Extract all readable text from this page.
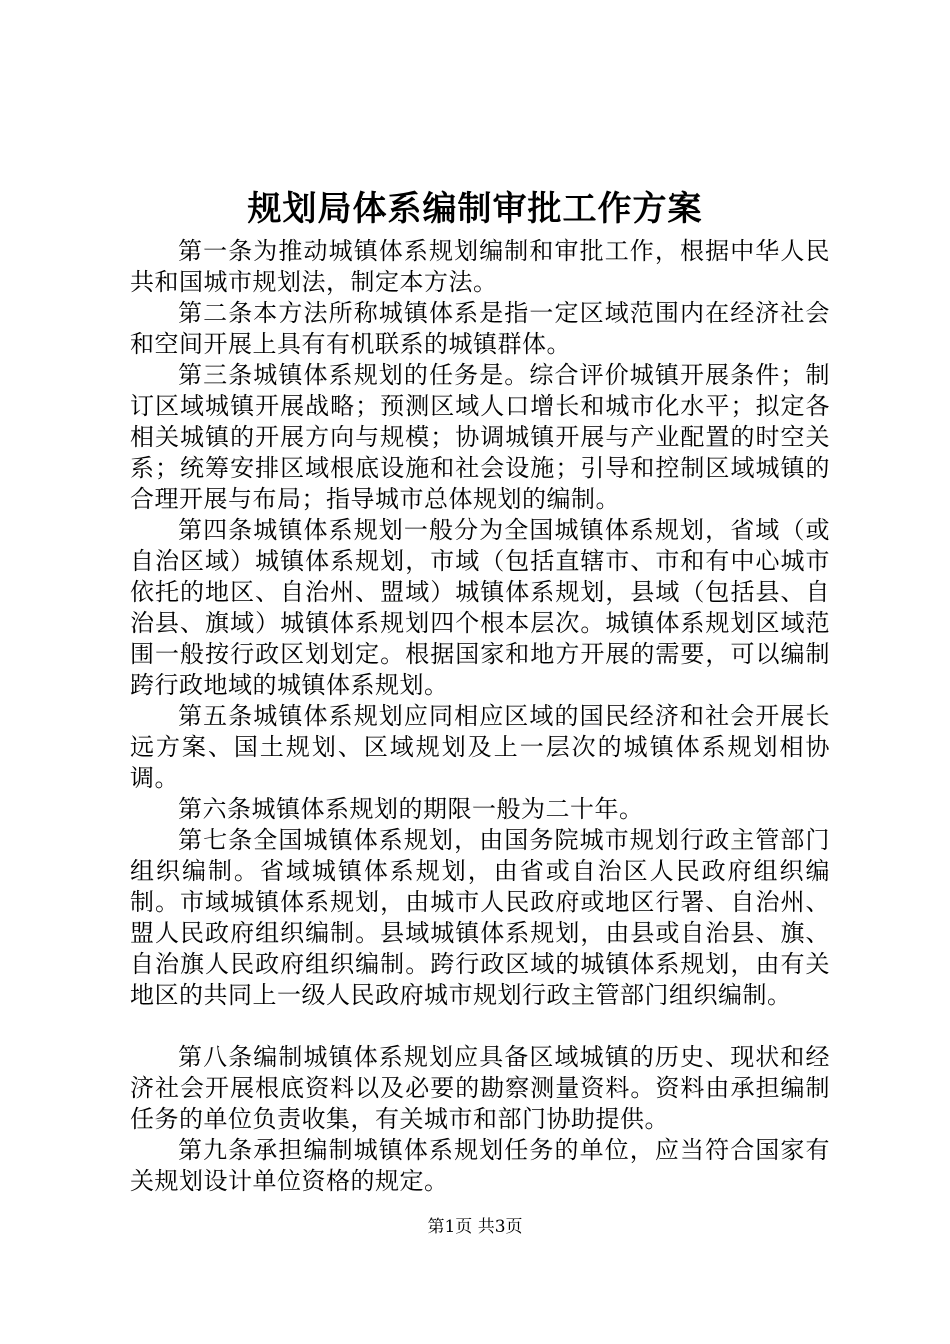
规划局体系编制审批工作方案

第一条为推动城镇体系规划编制和审批工作，根据中华人民共和国城市规划法，制定本方法。

第二条本方法所称城镇体系是指一定区域范围内在经济社会和空间开展上具有有机联系的城镇群体。

第三条城镇体系规划的任务是。综合评价城镇开展条件；制订区域城镇开展战略；预测区域人口增长和城市化水平；拟定各相关城镇的开展方向与规模；协调城镇开展与产业配置的时空关系；统筹安排区域根底设施和社会设施；引导和控制区域城镇的合理开展与布局；指导城市总体规划的编制。

第四条城镇体系规划一般分为全国城镇体系规划，省域（或自治区域）城镇体系规划，市域（包括直辖市、市和有中心城市依托的地区、自治州、盟域）城镇体系规划，县域（包括县、自治县、旗域）城镇体系规划四个根本层次。城镇体系规划区域范围一般按行政区划划定。根据国家和地方开展的需要，可以编制跨行政地域的城镇体系规划。

第五条城镇体系规划应同相应区域的国民经济和社会开展长远方案、国土规划、区域规划及上一层次的城镇体系规划相协调。

第六条城镇体系规划的期限一般为二十年。

第七条全国城镇体系规划，由国务院城市规划行政主管部门组织编制。省域城镇体系规划，由省或自治区人民政府组织编制。市域城镇体系规划，由城市人民政府或地区行署、自治州、盟人民政府组织编制。县域城镇体系规划，由县或自治县、旗、自治旗人民政府组织编制。跨行政区域的城镇体系规划，由有关地区的共同上一级人民政府城市规划行政主管部门组织编制。

第八条编制城镇体系规划应具备区域城镇的历史、现状和经济社会开展根底资料以及必要的勘察测量资料。资料由承担编制任务的单位负责收集，有关城市和部门协助提供。

第九条承担编制城镇体系规划任务的单位，应当符合国家有关规划设计单位资格的规定。

第1页 共3页
